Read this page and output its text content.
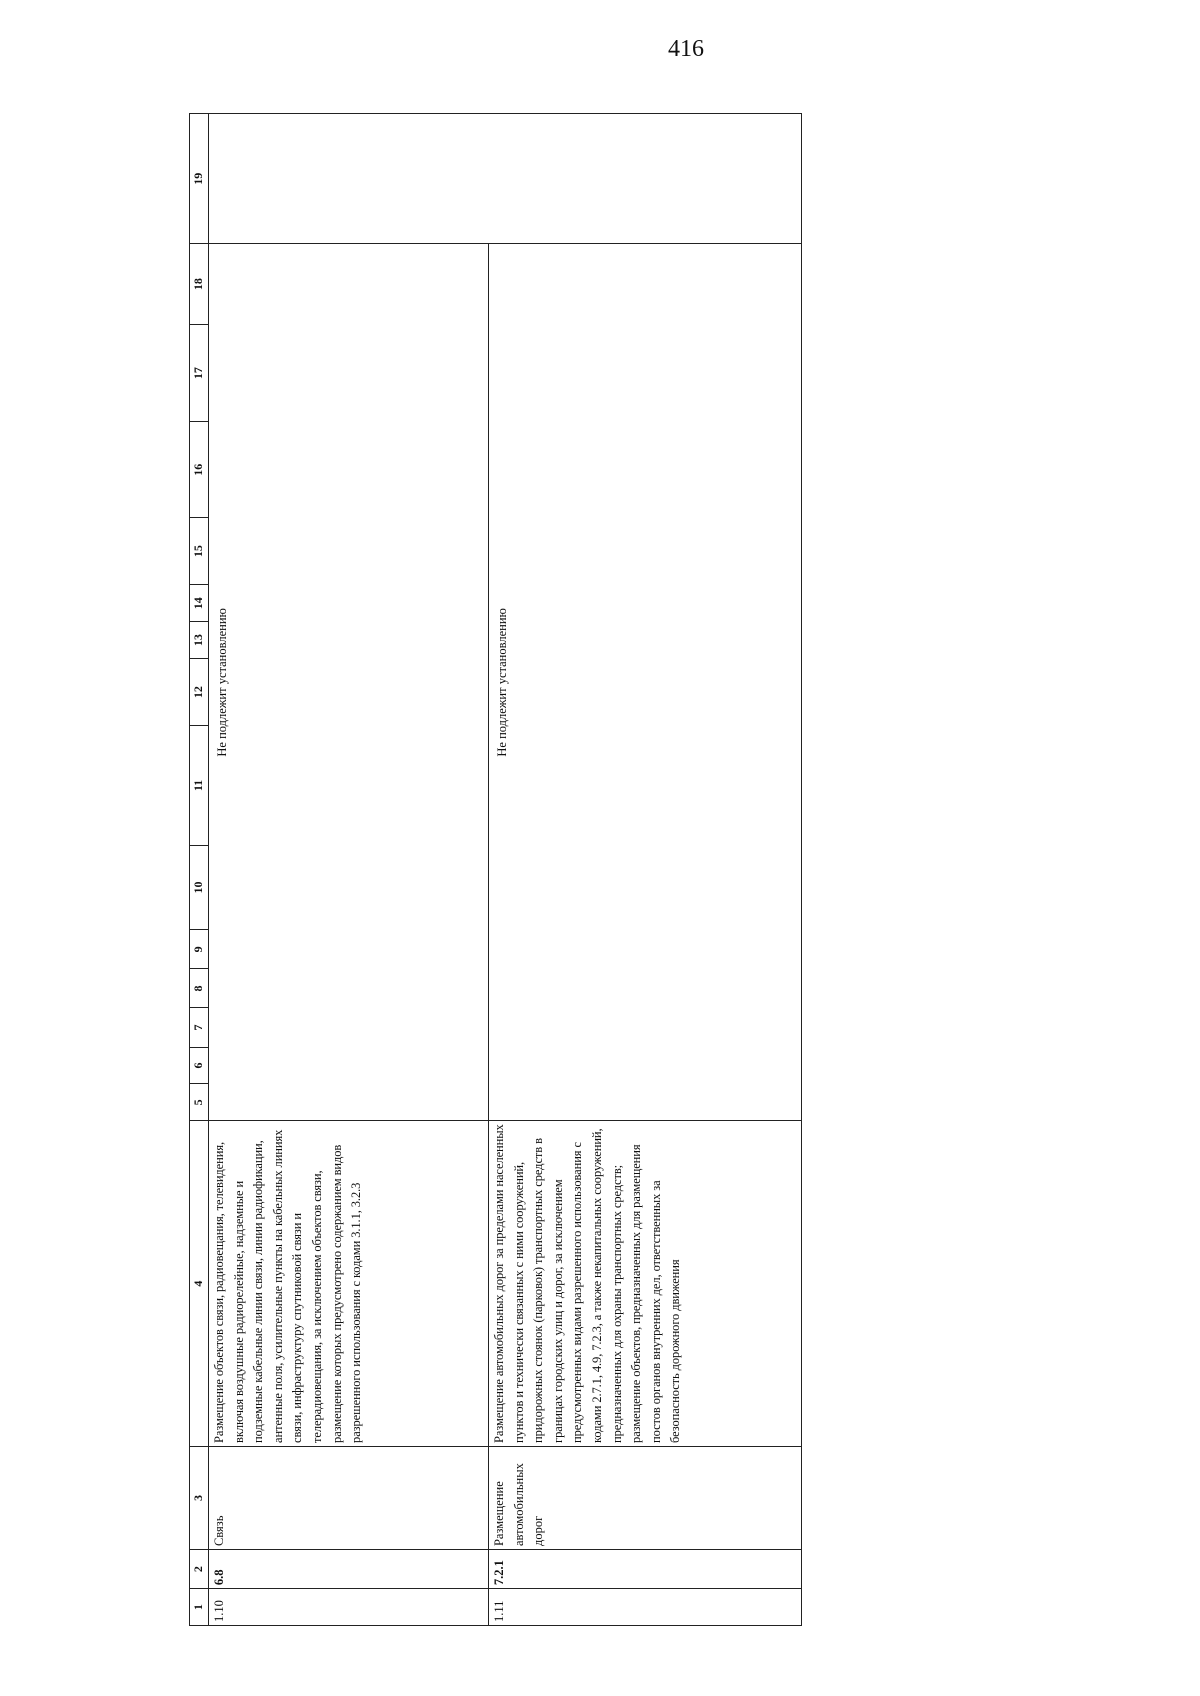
416
1	2	3	4	5	6	7	8	9	10	11	12	13	14	15	16	17	18	19
1.10	6.8	Связь	Размещение объектов связи, радиовещания, телевидения, включая воздушные радиорелейные, надземные и подземные кабельные линии связи, линии радиофикации, антенные поля, усилительные пункты на кабельных линиях связи, инфраструктуру спутниковой связи и телерадиовещания, за исключением объектов связи, размещение которых предусмотрено содержанием видов разрешенного использования с кодами 3.1.1, 3.2.3	Не подлежит установлению														

1.11	7.2.1	Размещение автомобильных дорог	Размещение автомобильных дорог за пределами населенных пунктов и технически связанных с ними сооружений, придорожных стоянок (парковок) транспортных средств в границах городских улиц и дорог, за исключением предусмотренных видами разрешенного использования с кодами 2.7.1, 4.9, 7.2.3, а также некапитальных сооружений, предназначенных для охраны транспортных средств; размещение объектов, предназначенных для размещения постов органов внутренних дел, ответственных за безопасность дорожного движения	Не подлежит установлению														
